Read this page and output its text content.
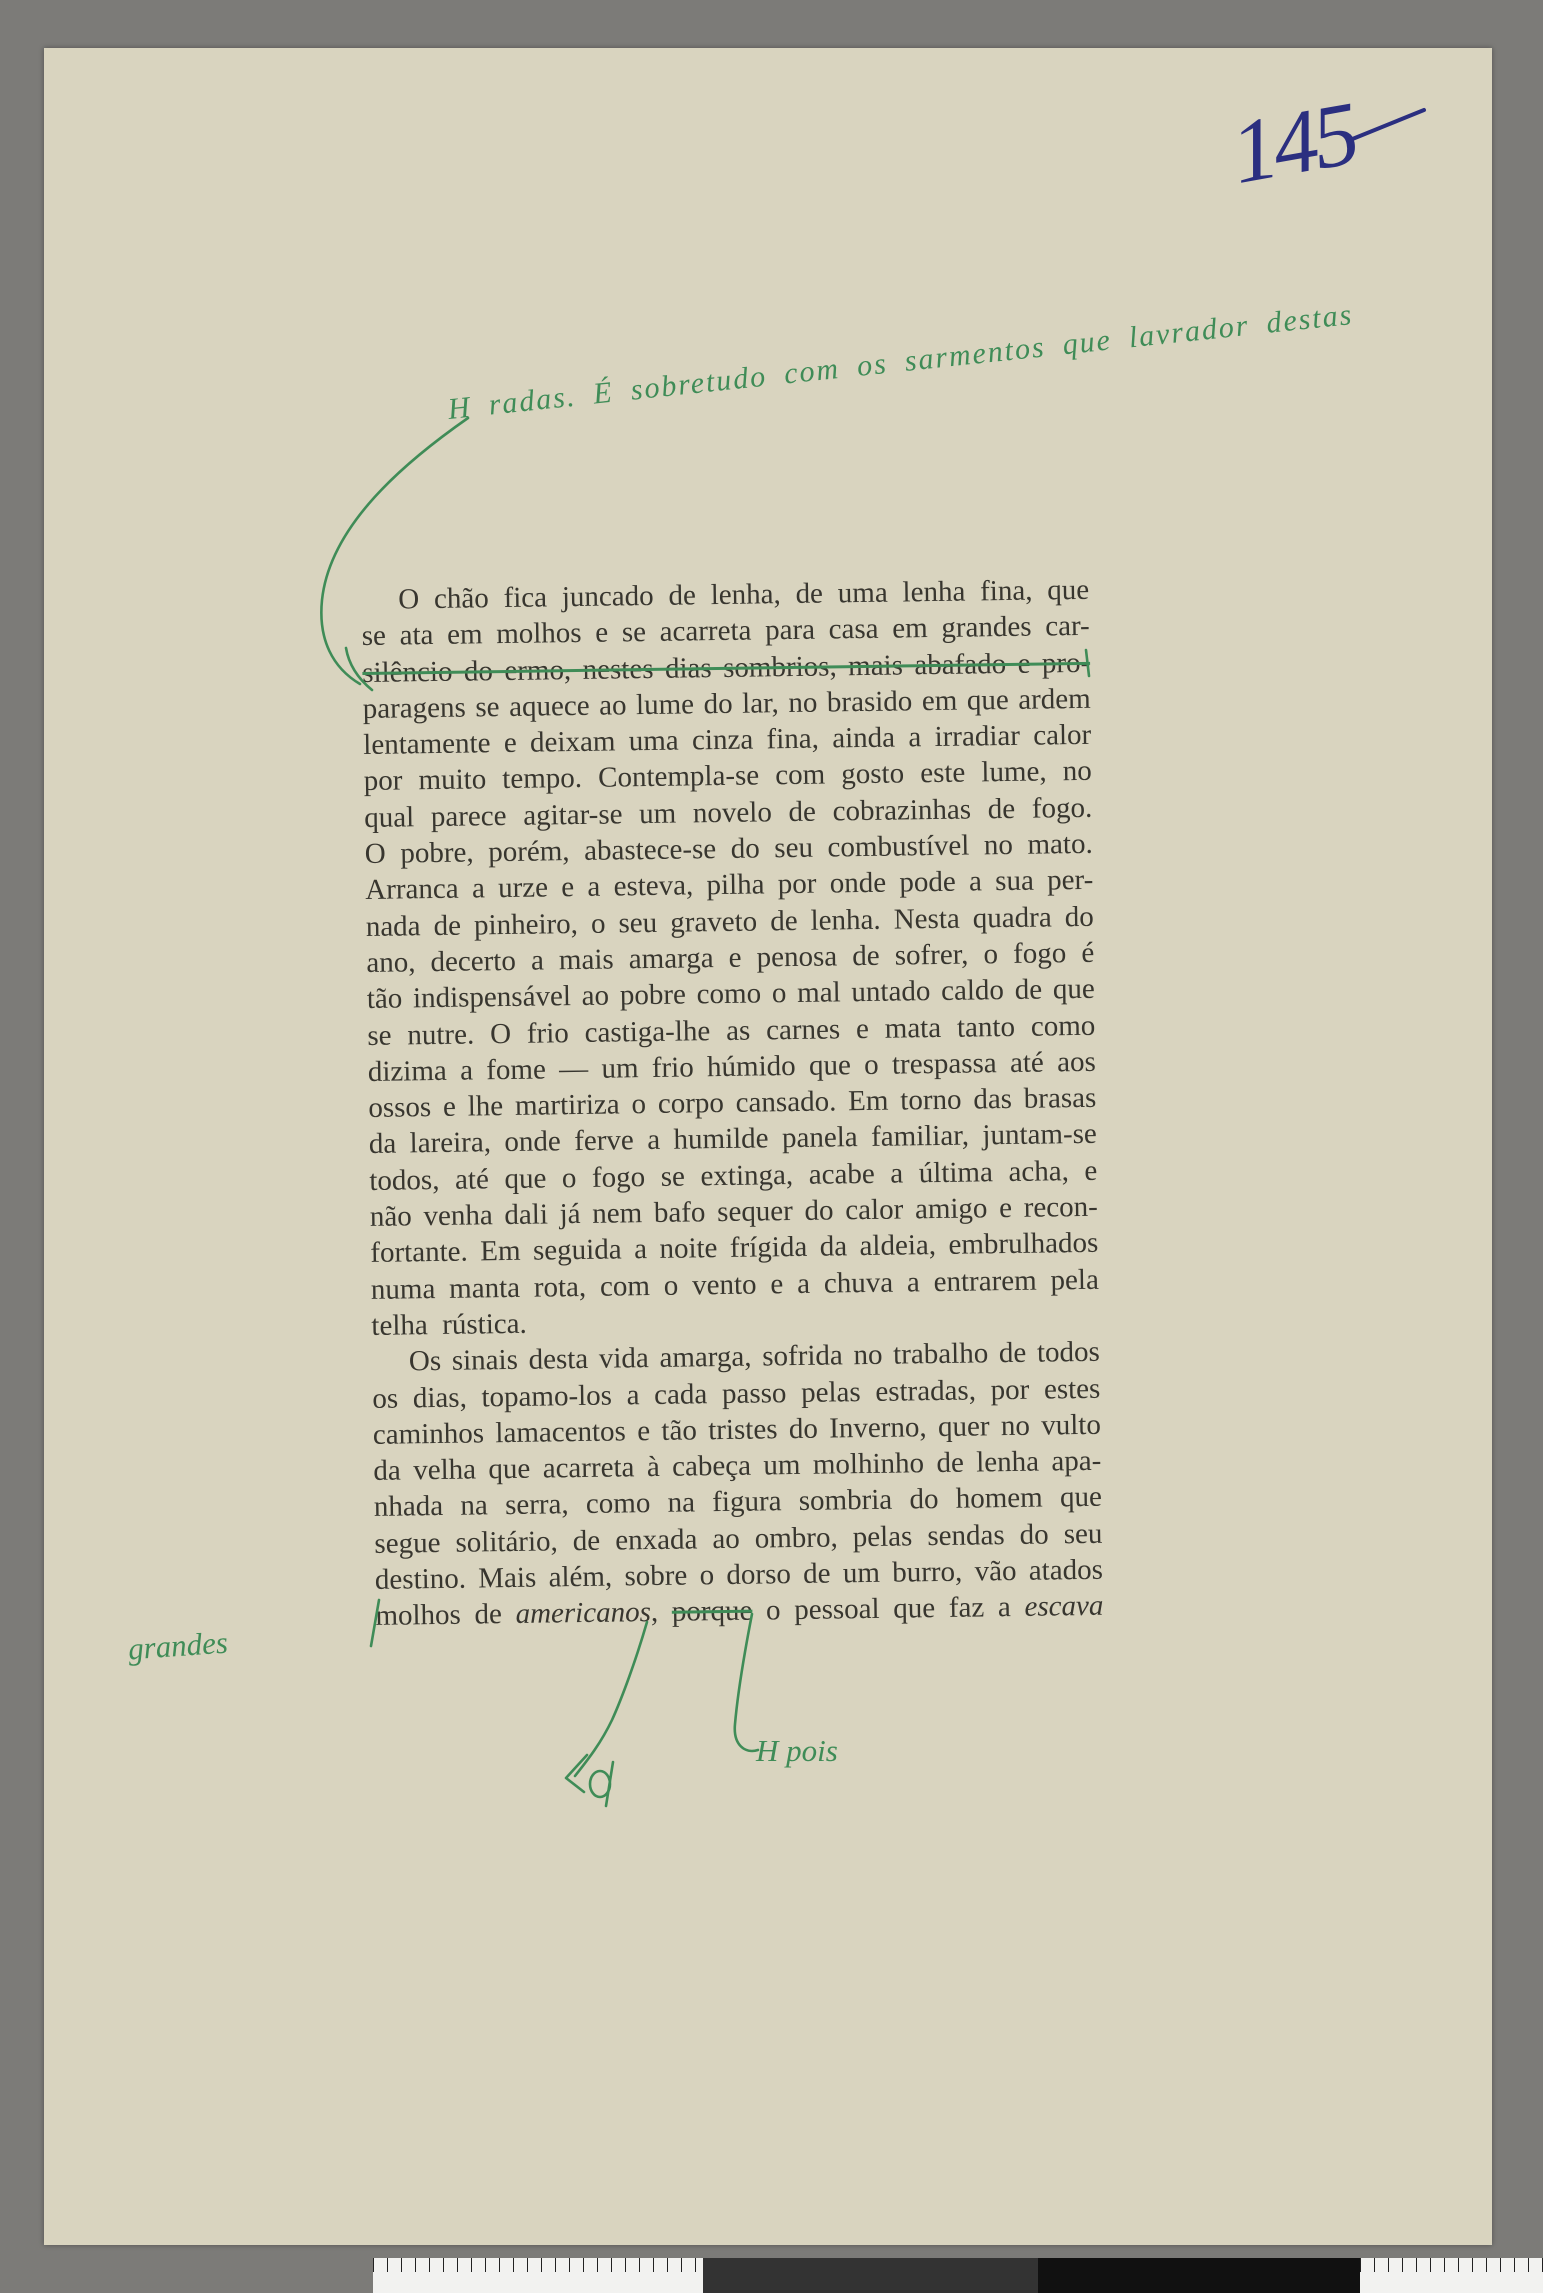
145
H radas. É sobretudo com os sarmentos que lavrador destas
O chão fica juncado de lenha, de uma lenha fina, que
se ata em molhos e se acarreta para casa em grandes car-
silêncio do ermo, nestes dias sombrios, mais abafado e pro-
paragens se aquece ao lume do lar, no brasido em que ardem
lentamente e deixam uma cinza fina, ainda a irradiar calor
por muito tempo. Contempla-se com gosto este lume, no
qual parece agitar-se um novelo de cobrazinhas de fogo.
O pobre, porém, abastece-se do seu combustível no mato.
Arranca a urze e a esteva, pilha por onde pode a sua per-
nada de pinheiro, o seu graveto de lenha. Nesta quadra do
ano, decerto a mais amarga e penosa de sofrer, o fogo é
tão indispensável ao pobre como o mal untado caldo de que
se nutre. O frio castiga-lhe as carnes e mata tanto como
dizima a fome — um frio húmido que o trespassa até aos
ossos e lhe martiriza o corpo cansado. Em torno das brasas
da lareira, onde ferve a humilde panela familiar, juntam-se
todos, até que o fogo se extinga, acabe a última acha, e
não venha dali já nem bafo sequer do calor amigo e recon-
fortante. Em seguida a noite frígida da aldeia, embrulhados
numa manta rota, com o vento e a chuva a entrarem pela
telha  rústica.
Os sinais desta vida amarga, sofrida no trabalho de todos
os dias, topamo-los a cada passo pelas estradas, por estes
caminhos lamacentos e tão tristes do Inverno, quer no vulto
da velha que acarreta à cabeça um molhinho de lenha apa-
nhada na serra, como na figura sombria do homem que
segue solitário, de enxada ao ombro, pelas sendas do seu
destino. Mais além, sobre o dorso de um burro, vão atados
molhos de americanos, porque o pessoal que faz a escava
grandes
H pois
